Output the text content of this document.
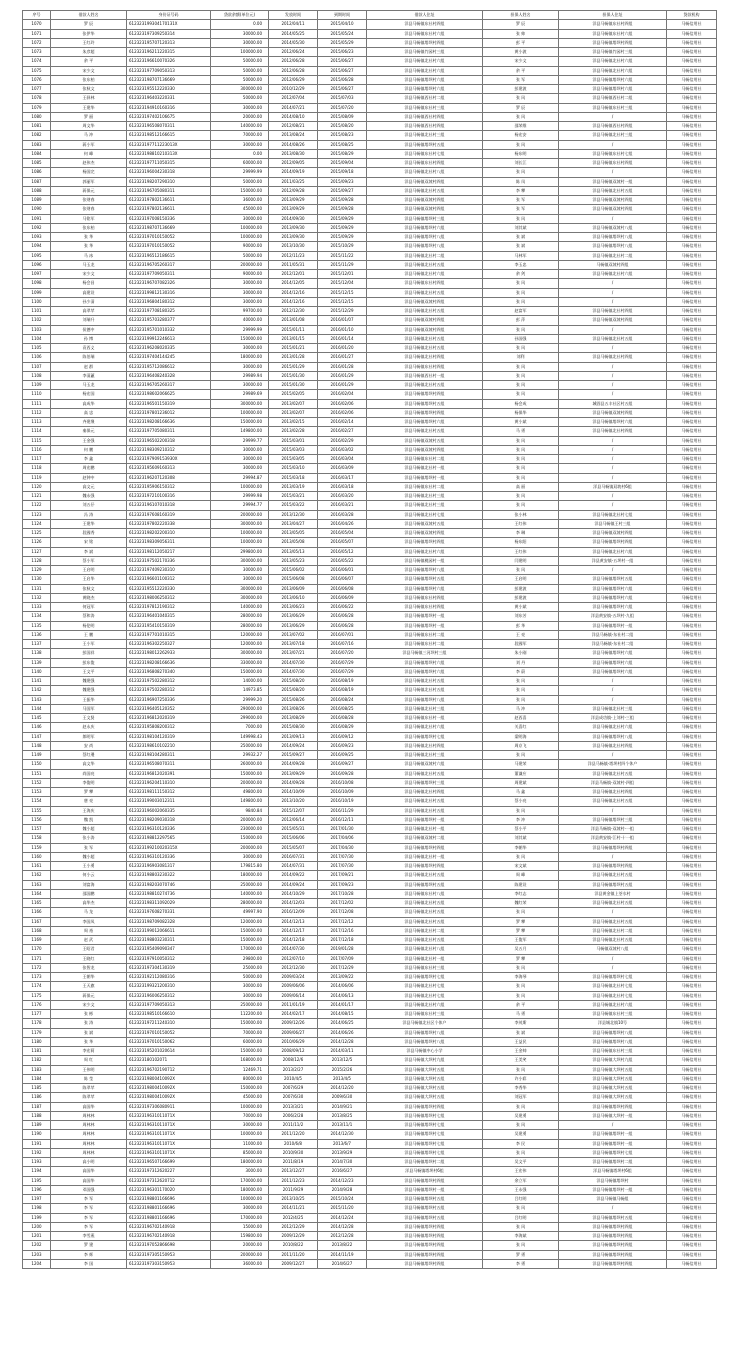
序号	借款人姓名	身份证号码	贷款余额(单位元)	发放时间	到期时间	借款人住址	担保人姓名	担保人住址	贷款机构
1070	罗 辰	612323199304170131X	0.00	2012/04/11	2015/04/10	洋县马畅镇东社村四组	罗 辰	洋县马畅镇东社村四组	马畅信用社
1071	张伊华	612323197309250314	30000.00	2014/05/25	2015/05/24	洋县马畅镇东社村六组	张 帅	洋县马畅镇东社村六组	马畅信用社
1072	王红玲	612323195707120313	30000.00	2014/05/30	2015/05/29	洋县马畅镇塔坝村四组	彭 平	洋县马畅镇塔坝村四组	马畅信用社
1073	朱彦超	612323196211220315	100000.00	2012/06/24	2015/06/23	洋县马畅镇竹园村三组	黄小波	洋县马畅镇竹园村三组	马畅信用社
1074	余 平	612323196610070326	50000.00	2012/06/28	2015/06/27	洋县马畅镇北社村六组	宋少文	洋县马畅镇北社村六组	马畅信用社
1075	宋少文	612323197709050313	50000.00	2012/06/28	2015/06/27	洋县马畅镇北社村六组	余 平	洋县马畅镇北社村六组	马畅信用社
1076	张东柏	612323198707136669	50000.00	2012/06/29	2015/06/28	洋县马畅镇塔坝村六组	张 军	洋县马畅镇塔坝村六组	马畅信用社
1077	张秋文	612323195512220330	300000.00	2010/12/29	2015/06/27	洋县马畅镇塔坝村六组	彭建波	洋县马畅镇塔坝村六组	马畅信用社
1078	王驿林	612323196403220331	50000.00	2012/07/04	2015/07/03	洋县马畅镇西社村二组	张 风	洋县马畅镇西社村二组	马畅信用社
1079	王建华	612323194910160316	30000.00	2014/07/21	2015/07/20	洋县马畅镇东社村三组	罗 辰	洋县马畅镇东社村三组	马畅信用社
1080	罗 丽	612323197402106675	20000.00	2014/08/10	2015/08/09	洋县马畅镇西社村四组	张 风	/	马畅信用社
1081	周文华	612323196508070311	140000.00	2012/08/21	2015/08/20	洋县马畅镇西社村四组	邵荣维	洋县马畅镇西社村四组	马畅信用社
1082	马 冲	612323198512166615	70000.00	2013/08/24	2015/08/23	洋县马畅镇北社村三组	杨宏安	洋县马畅镇北社村三组	马畅信用社
1083	蒋小军	612323197711223013X	30000.00	2014/08/26	2015/08/25	洋县马畅镇塔坝村五组	张 风	/	马畅信用社
1084	何 峰	612323198810210313X	0.00	2013/08/30	2015/08/29	洋县马畅镇东社村七组	杨东明	洋县马畅镇东社村七组	马畅信用社
1085	赵伟杰	612323197711050315	60000.00	2012/09/05	2015/09/04	洋县马畅镇东社村四组	刘长江	洋县马畅镇东社村四组	马畅信用社
1086	杨国完	612323196004230318	29999.99	2014/09/19	2015/09/18	洋县马畅镇北社村八组	张 风	/	马畅信用社
1087	郭丽军	612323198207290310	50000.00	2011/03/25	2015/09/23	洋县马畅镇双坡村四组	陈 凤	洋县马畅镇双坡村一组	马畅信用社
1088	蒋保元	612323196705080311	150000.00	2012/09/28	2015/09/27	洋县马畅镇北社村五组	李 攀	洋县马畅镇北社村五组	马畅信用社
1089	张财春	612323197802136611	36000.00	2013/09/29	2015/09/28	洋县马畅镇双坡村四组	张 军	洋县马畅镇双坡村四组	马畅信用社
1090	张财春	612323197802136611	45000.00	2013/09/29	2015/09/28	洋县马畅镇双坡村四组	张 军	洋县马畅镇双坡村四组	马畅信用社
1091	马铭军	612323197008150336	30000.00	2014/09/30	2015/09/29	洋县马畅镇塔坝村三组	张 风	/	马畅信用社
1092	张东柏	612323198707136669	100000.00	2013/09/30	2015/09/29	洋县马畅镇塔坝村六组	刘其斌	洋县马畅镇双坡村八组	马畅信用社
1093	张 华	612323197010150052	100000.00	2013/09/30	2015/09/29	洋县马畅镇塔坝村八组	张 斌	洋县马畅镇塔坝村八组	马畅信用社
1094	张 华	612323197010150052	90000.00	2013/10/30	2015/10/29	洋县马畅镇塔坝村八组	张 斌	洋县马畅镇塔坝村八组	马畅信用社
1095	马 冰	612323196512186615	50000.00	2012/11/23	2015/11/22	洋县马畅镇北社村二组	马林军	洋县马畅镇北社村二组	马畅信用社
1096	马玉龙	612323196705260317	200000.00	2011/05/31	2015/11/29	洋县马畅镇北社村五组	李玉忠	马畅镇双坡村四组	马畅信用社
1097	宋少文	612323197709050311	90000.00	2012/12/01	2015/12/01	洋县马畅镇北社村六组	余 剑	洋县马畅镇北社村六组	马畅信用社
1098	杨会昌	612323196707082326	30000.00	2014/12/05	2015/12/04	洋县马畅镇东社村四组	张 风	/	马畅信用社
1099	高建设	612323199812130316	30000.00	2014/12/16	2015/12/15	洋县马畅镇北社村五组	张 风	/	马畅信用社
1100	孙少清	612323196804180312	30000.00	2014/12/16	2015/12/15	洋县马畅镇双坡村四组	张 风	/	马畅信用社
1101	高翠苹	612323197708180325	99700.00	2012/12/30	2015/12/29	洋县马畅镇北社村五组	赵富军	洋县马畅镇北社村四组	马畅信用社
1102	刘瑞升	612323195703280377	40000.00	2013/01/08	2016/01/07	洋县马畅镇双坡村四组	彭 萍	洋县马畅镇双坡村四组	马畅信用社
1103	侯德中	612323195701010332	29999.99	2015/01/11	2016/01/10	洋县马畅镇双坡村四组	张 风	/	马畅信用社
1104	孙 博	612323199912246613	150000.00	2013/01/15	2016/01/14	洋县马畅镇北社村五组	孙国强	洋县马畅镇北社村五组	马畅信用社
1105	袁西义	612323196208020335	30000.00	2015/01/21	2016/01/20	洋县马畅镇北社村五组	张 风	/	马畅信用社
1106	陈伯瑞	612323197404144245	180000.00	2013/01/28	2016/01/27	洋县马畅镇北社村四组	刘利	洋县马畅镇北社村四组	马畅信用社
1107	赵 群	612323195712086612	30000.00	2015/01/29	2016/01/28	洋县马畅镇东社村四组	张 风	/	马畅信用社
1108	李清蕙	612323196408240328	29989.94	2015/01/30	2016/01/29	洋县马畅镇西社村一组	张 风	/	马畅信用社
1109	马玉龙	612323196705260317	30000.00	2015/01/30	2016/01/29	洋县马畅镇北社村五组	张 风	/	马畅信用社
1110	杨宏国	612323198602066625	29989.69	2015/02/05	2016/02/04	洋县马畅镇塔坝村四组	张 风	/	马畅信用社
1111	高成华	612323196501150319	300000.00	2013/02/07	2016/02/06	洋县马畅镇塔坝村五组	杨会成	城固县五丰社区村五组	马畅信用社
1112	高 忠	612323197801236012	100000.00	2013/02/07	2016/02/06	洋县马畅镇塔坝村四组	杨保华	洋县马畅镇双坡村四组	马畅信用社
1113	齐建聚	612323198208166636	150000.00	2013/02/15	2016/02/14	洋县马畅镇塔坝村六组	黄小斌	洋县马畅镇塔坝村六组	马畅信用社
1114	秦保元	612323197705080311	149800.00	2013/02/28	2016/02/27	洋县马畅镇北社村五组	马 勇	洋县马畅镇北社村四组	马畅信用社
1115	王金强	612323196502200318	29999.77	2015/03/01	2016/02/29	洋县马畅镇双坡村五组	张 风	/	马畅信用社
1116	何 鹏	612323198309210312	30000.00	2015/03/03	2016/03/02	洋县马畅镇双坡村四组	张 风	/	马畅信用社
1117	李 鑫	612323197909153930X	30000.00	2015/03/05	2016/03/04	洋县马畅镇东社村二组	张 风	/	马畅信用社
1118	周宏鹏	612323195609160313	30000.00	2015/03/10	2016/03/09	洋县马畅镇北社村一组	张 风	/	马畅信用社
1119	赵钟中	612323196207120308	29994.87	2015/03/18	2016/03/17	洋县马畅镇塔坝村一组	张 风	/	马畅信用社
1120	高文元	612323195906150312	100000.00	2013/03/19	2016/03/18	洋县马畅镇东社村二组	高 丽	洋县马畅镇双坡村6组	马畅信用社
1121	魏永强	612323197210100316	29999.98	2015/03/21	2016/03/20	洋县马畅镇北社村三组	张 风	/	马畅信用社
1122	刘五仔	612323196107010318	29994.77	2015/03/22	2016/03/21	洋县马畅镇北社村三组	张 风	/	马畅信用社
1123	冯 涛	612323197608160319	200000.00	2013/12/30	2016/03/28	洋县马畅镇北社村七组	张小林	洋县马畅镇北社村七组	马畅信用社
1124	王建华	612323197802220338	300000.00	2013/04/27	2016/04/26	洋县马畅镇双坡村五组	王红伟	洋县马畅镇王村三组	马畅信用社
1125	段國秀	612323198202200310	100000.00	2013/05/05	2016/05/04	洋县马畅镇双坡村四组	李 琳	洋县马畅镇双坡村四组	马畅信用社
1126	宋 铭	612323198309056311	100000.00	2013/05/08	2016/05/07	洋县马畅镇塔坝村四组	杨东阳	洋县马畅镇塔坝村四组	马畅信用社
1127	李 斌	612323198112050217	299800.00	2013/05/13	2016/05/12	洋县马畅镇北社村六组	王红伟	洋县马畅镇北社村六组	马畅信用社
1128	蔡小军	612323197502170336	300000.00	2013/05/23	2016/05/22	洋县马畅镇桃园村一组	闫建明	洋县黄安镇-五坝村一组	马畅信用社
1129	王启明	612323197409230310	30000.00	2015/06/02	2016/06/01	洋县马畅镇塔坝村八组	张 风	/	马畅信用社
1130	王启华	612323196601100312	30000.00	2015/06/08	2016/06/07	洋县马畅镇塔坝村五组	王启明	洋县马畅镇塔坝村五组	马畅信用社
1131	张秋文	612323195512220330	300000.00	2013/06/09	2016/06/08	洋县马畅镇塔坝村六组	彭建波	洋县马畅镇塔坝村六组	马畅信用社
1132	黄晓杰	612323198006250312	300000.00	2013/06/10	2016/06/09	洋县马畅镇东社村四组	彭建波	洋县马畅镇塔坝村六组	马畅信用社
1133	何冠军	612323197812190312	140000.00	2013/06/23	2016/06/22	洋县马畅镇东社村四组	黄小斌	洋县马畅镇塔坝村六组	马畅信用社
1134	蔡和涛	612323196401040315	280000.00	2013/06/29	2016/06/28	洋县马畅镇塔坝村一组	刘东芳	洋县黄安镇-五坝村-九组	马畅信用社
1135	杨伦明	612323195410150319	280000.00	2013/06/29	2016/06/28	洋县马畅镇塔坝村一组	彭 华	洋县马畅镇塔坝村一组	马畅信用社
1136	王 鹏	612323197701010315	120000.00	2013/07/02	2016/07/01	洋县马畅镇东社村二组	王 亮	洋县马畅镇-东社村二组	马畅信用社
1137	王小军	612323196302250327	120000.00	2013/07/18	2016/07/16	洋县马畅镇东社村二组	段國军	洋县马畅镇-东社村二组	马畅信用社
1138	彭国祥	612323198012262933	300000.00	2013/07/21	2016/07/20	洋县马畅镇三河坝村三组	朱小刚	洋县马畅镇塔坝村六组	马畅信用社
1139	彭东俊	612323198208166636	330000.00	2014/07/30	2016/07/29	洋县马畅镇塔坝村六组	刘 丹	洋县马畅镇塔坝村六组	马畅信用社
1140	王文平	612323196808270340	150000.00	2014/07/30	2016/07/29	洋县马畅镇塔坝村六组	李 蔚	洋县马畅镇塔坝村六组	马畅信用社
1141	魏建强	612323197502280312	14000.00	2015/08/20	2016/08/19	洋县马畅镇北社村五组	张 风	/	马畅信用社
1142	魏建强	612323197502280312	14973.85	2015/08/20	2016/08/19	洋县马畅镇北社村五组	张 风	/	马畅信用社
1143	王振华	612323196907250336	29999.20	2015/08/26	2016/08/24	洋县马畅镇塔坝村八组	张 风	/	马畅信用社
1144	马国军	612323196405120352	290000.00	2013/08/26	2016/08/25	洋县马畅镇北社村三组	马 冲	洋县马畅镇北社村三组	马畅信用社
1145	王文贤	612323196812020319	299000.00	2013/08/29	2016/08/28	洋县马畅镇东社村一组	赵西喜	洋县成功镇-上刘村-三组	马畅信用社
1146	赵永庆	612323195808200312	7000.00	2015/08/30	2016/08/29	洋县马畅镇北社村六组	关喜红	洋县马畅镇北社村六组	马畅信用社
1147	郎明军	612323198104120319	149998.43	2013/09/13	2016/09/12	洋县马畅镇塔坝村七组	梁明海	洋县马畅镇塔坝村八组	马畅信用社
1148	安 尚	612323198610102210	250000.00	2014/09/24	2016/09/23	洋县马畅镇北社村四组	周京飞	洋县马畅镇北社村四组	马畅信用社
1149	蔡红遷	612323198104280311	29932.27	2015/09/27	2016/09/25	洋县马畅镇北社村三组	张 风	/	马畅信用社
1150	高文华	612323196508070311	260000.00	2014/09/28	2016/09/27	洋县马畅镇双坡村六组	马建荣	洋县马畅镇-塔坝村四个休户	马畅信用社
1151	尚国亮	612323196812020391	150000.00	2013/09/29	2016/09/28	洋县马畅镇北社村五组	董谦应	洋县马畅镇北社村五组	马畅信用社
1152	李俊明	612323196204110310	200000.00	2014/09/28	2016/10/08	洋县马畅镇塔坝村三组	周建斌	洋县马畅镇-双坡村-四组	马畅信用社
1153	罗 攀	612323198111150312	49800.00	2014/10/09	2016/10/09	洋县马畅镇北社村四组	马 鑫	洋县马畅镇北社村四组	马畅信用社
1154	唐 亮	612323199003012311	149800.00	2013/10/20	2016/10/19	洋县马畅镇北社村五组	蔡小亮	洋县马畅镇北社村五组	马畅信用社
1155	王海庆	612323196002060335	9840.84	2015/12/07	2016/11/29	洋县马畅镇北社村五组	张 风	/	马畅信用社
1156	魏 凯	612323198209030318	200000.00	2012/06/14	2016/12/11	洋县马畅镇塔坝村一组	李 冲	洋县马畅镇塔坝村三组	马畅信用社
1157	魏小超	612323196310120336	230000.00	2015/05/31	2017/01/30	洋县马畅镇北社村一组	蔡小平	洋县马畅镇-双坡村-一组	马畅信用社
1158	张小涛	612323198812297565	150000.00	2015/06/06	2017/04/06	洋县马畅镇双坡村二组	刘其斌	洋县黄安镇-江村-十一组	马畅信用社
1159	张 军	612323199210020315X	200000.00	2015/05/07	2017/04/30	洋县马畅镇塔坝村四组	李朝华	洋县马畅镇塔坝村四组	马畅信用社
1160	魏小超	612323196310120336	30000.00	2016/07/31	2017/07/30	洋县马畅镇北社村一组	张 风	/	马畅信用社
1161	王小勇	612323196903081317	179815.80	2014/07/31	2017/07/30	洋县马畅镇塔坝村四组	宋文斌	洋县马畅镇塔坝村四组	马畅信用社
1162	何小云	612323198803230322	180000.00	2014/09/22	2017/09/21	洋县马畅镇北社村五组	周 峰	洋县马畅镇北社村五组	马畅信用社
1163	刘富海	612323198203070746	250000.00	2014/09/24	2017/09/23	洋县马畅镇塔坝村五组	陈建设	洋县马畅镇塔坝村五组	马畅信用社
1164	邵国鹏	612323198810274736	140000.00	2014/10/29	2017/10/28	洋县马畅镇东社村八组	李红志	洋县黄金镇上荃水村	马畅信用社
1165	高华杰	612323198311092029	280000.00	2014/12/03	2017/12/02	洋县马畅镇北社村五组	魏红荣	洋县马畅镇北社村五组	马畅信用社
1166	马 龙	612323197608270331	49997.90	2016/12/09	2017/12/08	洋县马畅镇北社村五组	张 风	/	马畅信用社
1167	李国凤	612323198709082328	120000.00	2014/12/13	2017/12/12	洋县马畅镇北社村五组	罗 攀	洋县马畅镇北社村五组	马畅信用社
1168	周 裕	612323199012066611	150000.00	2014/12/17	2017/12/16	洋县马畅镇北社村二组	罗 攀	洋县马畅镇北社村二组	马畅信用社
1169	赵 武	612323198803230311	150000.00	2014/12/18	2017/12/18	洋县马畅镇北社村五组	王俊军	洋县马畅镇北社村五组	马畅信用社
1170	王昭君	612323195409090347	170000.00	2014/07/30	2019/01/28	洋县马畅镇北社村八组	吴五月	马畅镇双坡村八组	马畅信用社
1171	王晓红	612323197910050312	29800.00	2012/07/10	2017/07/09	洋县马畅镇北社村一组	罗 攀	/	马畅信用社
1172	张智龙	612323197304130319	25000.00	2012/12/30	2017/12/29	洋县马畅镇东社村三组	张 风	/	马畅信用社
1173	王朝华	612323192112080316	50000.00	2009/03/24	2013/09/22	洋县马畅镇塔坝村七组	李海琴	洋县马畅镇塔坝村七组	马畅信用社
1174	王天旗	612323199321200310	30000.00	2009/06/06	2014/06/06	洋县马畅镇北社村七组	张 风	洋县马畅镇北社村七组	马畅信用社
1175	蒋保元	612323196006250312	30000.00	2009/06/14	2014/06/13	洋县马畅镇北社村七组	张 风	洋县马畅镇北社村七组	马畅信用社
1176	宋少文	612323197709050313	250000.00	2011/01/19	2014/01/17	洋县马畅镇北社村六组	余 平	洋县马畅镇北社村六组	马畅信用社
1177	张 彬	612323198510166610	112200.00	2014/02/17	2014/08/15	洋县马畅镇东社村三组	马 勇	洋县马畅镇东社村三组	马畅信用社
1178	张 涛	612323197211240310	150000.00	2009/12/26	2014/06/25	洋县马畅镇北社区个体户	李茂斯	洋县城北镇10号	马畅信用社
1179	张 斌	612323197010150052	70000.00	2009/06/27	2014/06/26	洋县马畅镇塔坝村八组	张 斌	洋县马畅镇塔坝村八组	马畅信用社
1180	张 华	612323197010150062	60000.00	2010/06/29	2014/12/28	洋县马畅镇塔坝村八组	王益民	洋县马畅镇塔坝村八组	马畅信用社
1181	李宏莉	612323195201020614	150000.00	2008/09/12	2014/03/11	洋县马畅镇中心小学	王金帅	洋县马畅镇东社村三组	马畅信用社
1182	周 红	612323180102071	168000.00	2008/12/6	2013/12/5	洋县马畅镇大坝村九组	王美笑	洋县马畅镇大坝村九组	马畅信用社
1183	王伟明	612323196702190712	12469.71	2013/2/27	2015/2/26	洋县马畅镇大坝村五组	张 风	洋县马畅镇大坝村五组	马畅信用社
1184	陈 莹	61232319800410092X	80000.00	2010/4/5	2013/4/5	洋县马畅镇大坝村五组	许小彩	洋县马畅镇大坝村五组	马畅信用社
1185	陈翠苹	61232319800410092X	150000.00	2007/6/29	2014/12/20	洋县马畅镇大坝村五组	李秀华	洋县马畅镇大坝村五组	马畅信用社
1186	陈翠苹	61232319800410092X	45000.00	2007/6/30	2009/6/30	洋县马畅镇大坝村五组	刘冠军	洋县马畅镇大坝村五组	马畅信用社
1187	高国华	612323197306080911	100000.00	2013/3/21	2014/9/21	洋县马畅镇塔坝村四组	张 风	洋县马畅镇塔坝村四组	马畅信用社
1188	周林林	61232319631011071X	70000.00	2006/2/28	2013/8/25	洋县马畅镇塔坝村七组	吴建勇	洋县马畅镇大坝村一组	马畅信用社
1189	周林林	61232319631011071X	30000.00	2011/11/2	2013/11/1	洋县马畅镇塔坝村七组	张 风	/	马畅信用社
1190	周林林	61232319631011071X	100000.00	2011/12/20	2014/12/30	洋县马畅镇塔坝村七组	吴建勇	洋县马畅镇塔坝村一组	马畅信用社
1191	周林林	61232319631011071X	11000.00	2010/6/8	2013/6/7	洋县马畅镇塔坝村七组	李 民	洋县马畅镇塔坝村一组	马畅信用社
1192	周林林	61232319631011071X	85000.00	2010/9/30	2013/9/29	洋县马畅镇塔坝村七组	张 风	洋县马畅镇塔坝村七组	马畅信用社
1193	高小明	612323196507166699	180000.00	2011/8/19	2014/7/30	洋县马畅镇塔坝村二组	吴文平	洋县马畅镇塔坝村二组	马畅信用社
1194	高国华	612323197312620227	3000.00	2013/12/27	2016/6/27	洋县马畅镇塔坝村6组	王宏伟	洋县马畅镇塔坝村6组	马畅信用社
1195	高国华	612323197312620712	170000.00	2011/12/23	2014/12/23	洋县马畅镇塔坝村四组	余立军	洋县马畅镇塔坝村	马畅信用社
1196	邓国强	612323196301170020	180000.00	2011/9/29	2014/9/28	洋县马畅镇塔坝村一组	王永强	洋县马畅镇塔坝村一组	马畅信用社
1197	李 军	612323198801166696	100000.00	2013/10/25	2015/10/24	洋县马畅镇塔坝村五组	吕红明	洋县马畅镇马畅组	马畅信用社
1198	李 军	612323198801166696	30000.00	2014/11/21	2015/11/20	洋县马畅镇塔坝村五组	张 风	/	马畅信用社
1199	李 军	612323198801166696	170000.00	2012/4/25	2014/12/24	洋县马畅镇塔坝村五组	吕红明	洋县马畅镇塔坝村五组	马畅信用社
1200	李 军	612323196702140918	15000.00	2012/12/29	2014/12/28	洋县马畅镇塔坝村四组	张 风	洋县马畅镇塔坝村四组	马畅信用社
1201	李雪燕	612323196702140918	159800.00	2009/12/29	2012/12/28	洋县马畅镇塔坝村四组	李海斌	洋县马畅镇塔坝村四组	马畅信用社
1202	罗 建	612323197052866698	20000.00	2010/8/22	2013/8/22	洋县马畅镇塔坝村四组	张 风	洋县马畅镇塔坝村四组	马畅信用社
1203	李 辉	612323197305150953	200000.00	2011/11/20	2014/11/19	洋县马畅镇塔坝村四组	罗 勇	洋县马畅镇塔坝村四组	马畅信用社
1204	李 国	612323197303150953	36000.00	2009/12/27	2014/6/27	洋县马畅镇塔坝村四组	李 勇	洋县马畅镇塔坝村四组	马畅信用社
